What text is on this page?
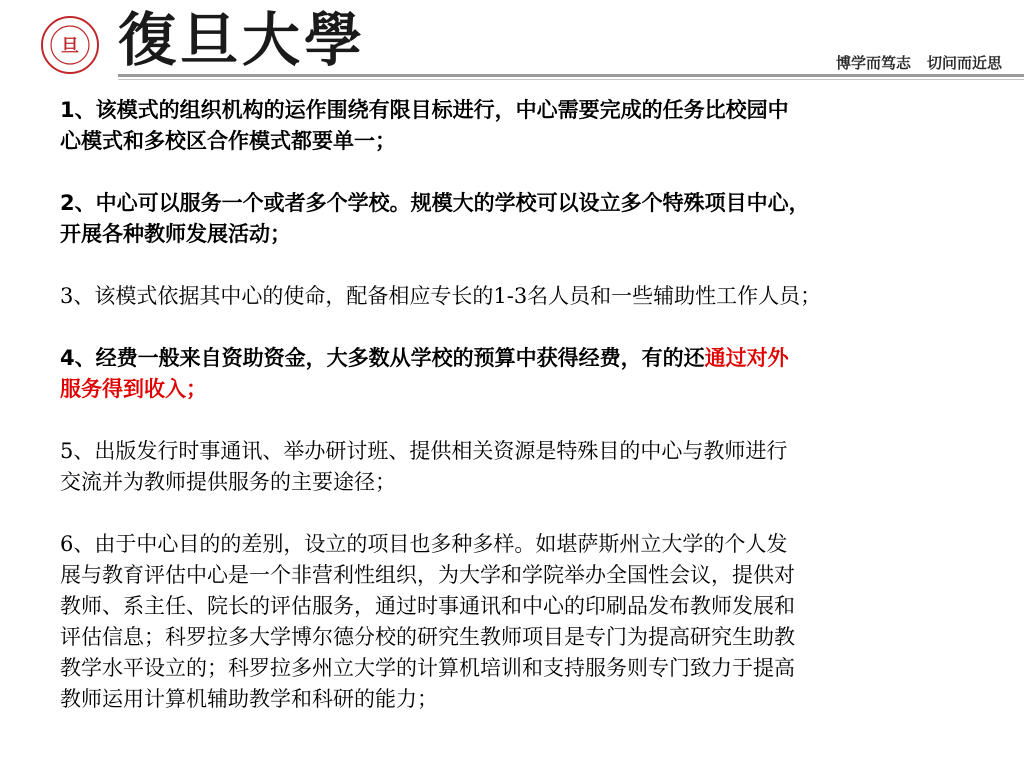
旦 復旦大學	博学而笃志 切问而近思

1、该模式的组织机构的运作围绕有限目标进行，中心需要完成的任务比校园中
心模式和多校区合作模式都要单一；

2、中心可以服务一个或者多个学校。规模大的学校可以设立多个特殊项目中心，
开展各种教师发展活动；

3、该模式依据其中心的使命，配备相应专长的1-3名人员和一些辅助性工作人员；

4、经费一般来自资助资金，大多数从学校的预算中获得经费，有的还通过对外
服务得到收入；

5、出版发行时事通讯、举办研讨班、提供相关资源是特殊目的中心与教师进行
交流并为教师提供服务的主要途径；

6、由于中心目的的差别，设立的项目也多种多样。如堪萨斯州立大学的个人发
展与教育评估中心是一个非营利性组织，为大学和学院举办全国性会议，提供对
教师、系主任、院长的评估服务，通过时事通讯和中心的印刷品发布教师发展和
评估信息；科罗拉多大学博尔德分校的研究生教师项目是专门为提高研究生助教
教学水平设立的；科罗拉多州立大学的计算机培训和支持服务则专门致力于提高
教师运用计算机辅助教学和科研的能力；
